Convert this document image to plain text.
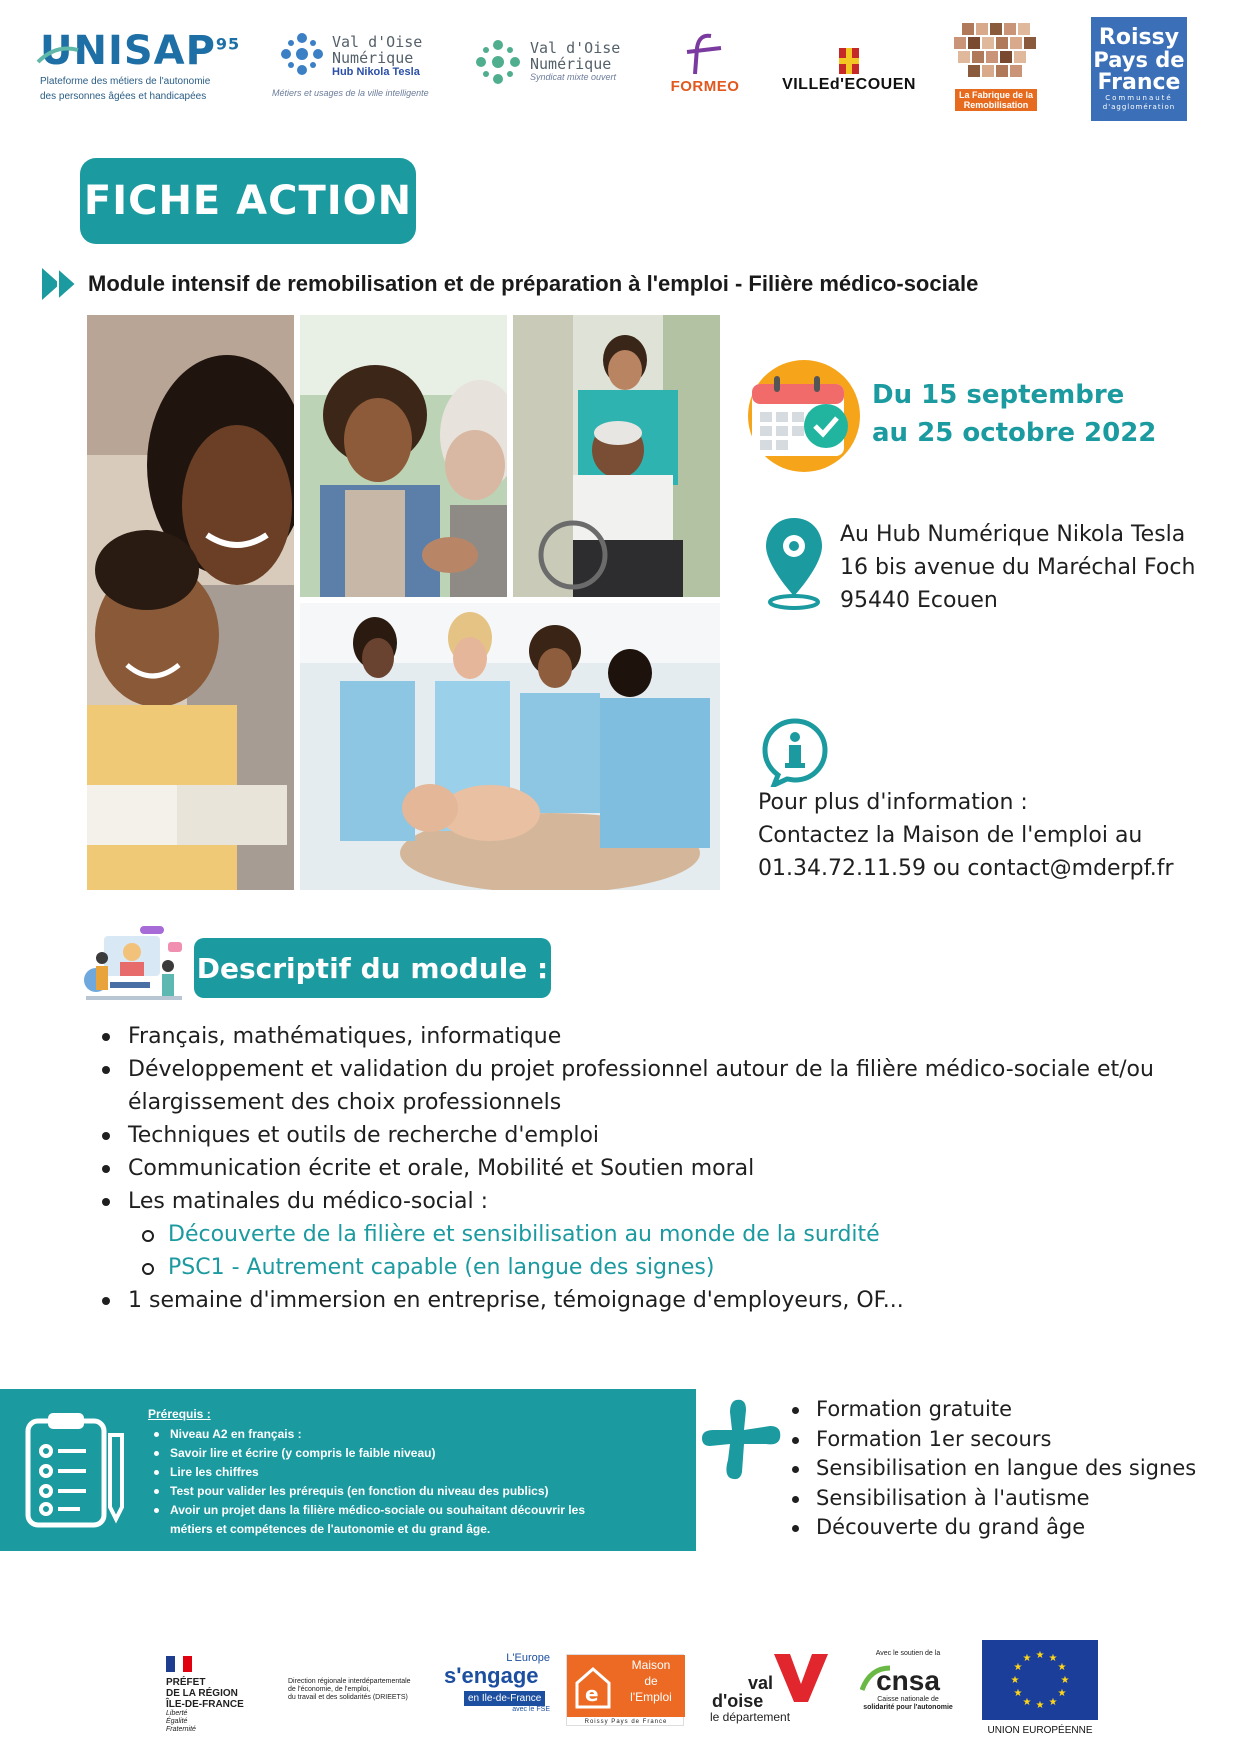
UNISAP$^{95}$
Plateforme des métiers de l'autonomie
des personnes âgées et handicapées
Val d'Oise
Numérique
Hub Nikola Tesla
Métiers et usages de la ville intelligente
Val d'Oise
Numérique
Syndicat mixte ouvert
FORMEO	VILLEd'ECOUEN
La Fabrique de la
Remobilisation
Roissy
Pays de
France
Communauté
d'agglomération
FICHE ACTION
Module intensif de remobilisation et de préparation à l'emploi - Filière médico-sociale
Du 15 septembre
au 25 octobre 2022
Au Hub Numérique Nikola Tesla
16 bis avenue du Maréchal Foch
95440 Ecouen
Pour plus d'information :
Contactez la Maison de l'emploi au
01.34.72.11.59 ou contact@mderpf.fr
Descriptif du module :
Français, mathématiques, informatique
Développement et validation du projet professionnel autour de la filière médico-sociale et/ou
élargissement des choix professionnels
Techniques et outils de recherche d'emploi
Communication écrite et orale, Mobilité et Soutien moral
Les matinales du médico-social :
Découverte de la filière et sensibilisation au monde de la surdité
PSC1 - Autrement capable (en langue des signes)
1 semaine d'immersion en entreprise, témoignage d'employeurs, OF...
Prérequis :
Niveau A2 en français :
Savoir lire et écrire (y compris le faible niveau)
Lire les chiffres
Test pour valider les prérequis (en fonction du niveau des publics)
Avoir un projet dans la filière médico-sociale ou souhaitant découvrir les
métiers et compétences de l'autonomie et du grand âge.
Formation gratuite
Formation 1er secours
Sensibilisation en langue des signes
Sensibilisation à l'autisme
Découverte du grand âge
PRÉFET
DE LA RÉGION
ÎLE-DE-FRANCE
Liberté
Égalité
Fraternité
Direction régionale interdépartementale
de l'économie, de l'emploi,
du travail et des solidarités (DRIEETS)
L'Europe
s'engage
en Ile-de-France
avec le FSE
e
Maison
de
l'Emploi
Roissy Pays de France
val
d'oise
le département
Avec le soutien de la
cnsa
Caisse nationale de
solidarité pour l'autonomie
★ ★
★
★
★
★
★
★
★
★
★
★
UNION EUROPÉENNE
